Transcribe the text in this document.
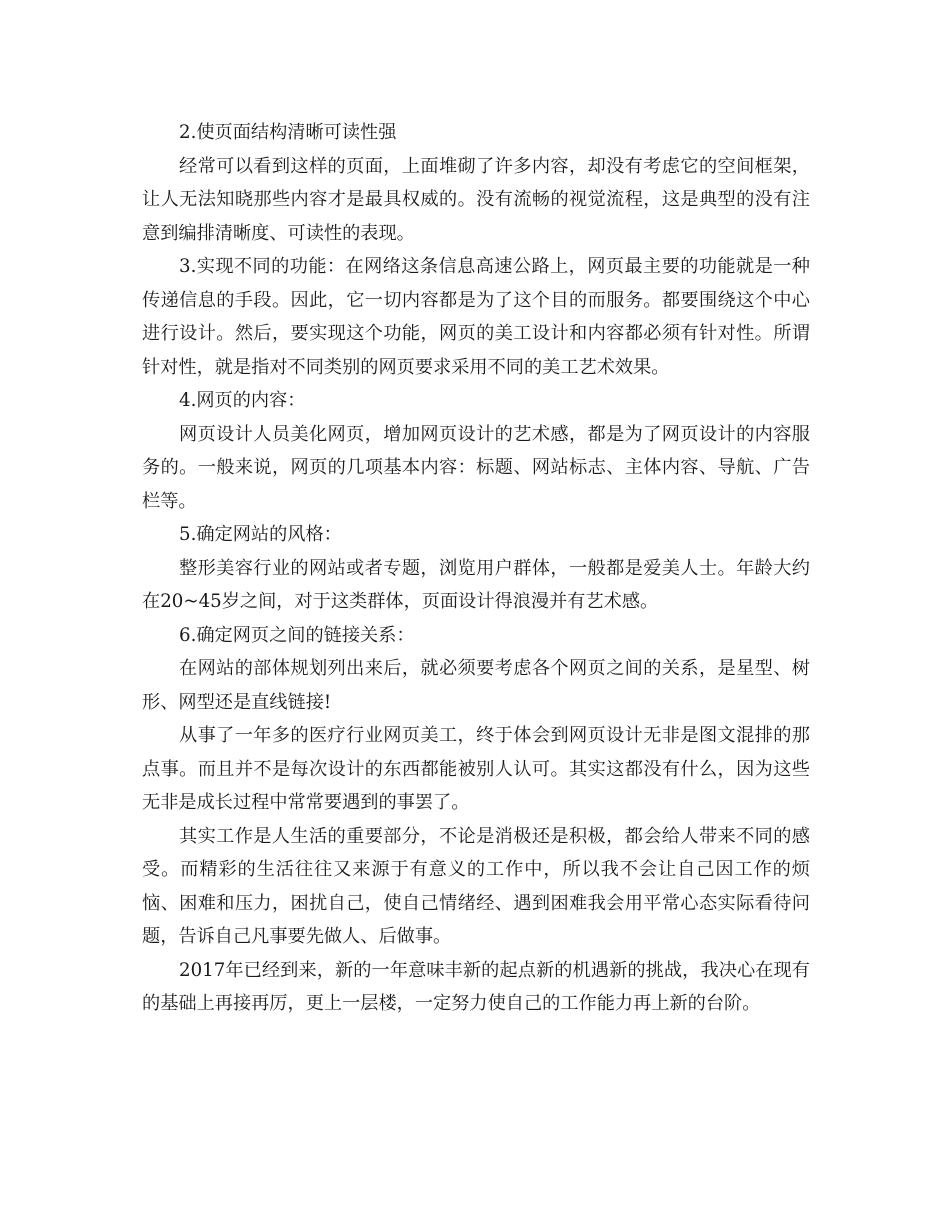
2.使页面结构清晰可读性强

经常可以看到这样的页面，上面堆砌了许多内容，却没有考虑它的空间框架，让人无法知晓那些内容才是最具权威的。没有流畅的视觉流程，这是典型的没有注意到编排清晰度、可读性的表现。

3.实现不同的功能：在网络这条信息高速公路上，网页最主要的功能就是一种传递信息的手段。因此，它一切内容都是为了这个目的而服务。都要围绕这个中心进行设计。然后，要实现这个功能，网页的美工设计和内容都必须有针对性。所谓针对性，就是指对不同类别的网页要求采用不同的美工艺术效果。

4.网页的内容：

网页设计人员美化网页，增加网页设计的艺术感，都是为了网页设计的内容服务的。一般来说，网页的几项基本内容：标题、网站标志、主体内容、导航、广告栏等。

5.确定网站的风格：

整形美容行业的网站或者专题，浏览用户群体，一般都是爱美人士。年龄大约在20~45岁之间，对于这类群体，页面设计得浪漫并有艺术感。

6.确定网页之间的链接关系：

在网站的部体规划列出来后，就必须要考虑各个网页之间的关系，是星型、树形、网型还是直线链接!

从事了一年多的医疗行业网页美工，终于体会到网页设计无非是图文混排的那点事。而且并不是每次设计的东西都能被别人认可。其实这都没有什么，因为这些无非是成长过程中常常要遇到的事罢了。

其实工作是人生活的重要部分，不论是消极还是积极，都会给人带来不同的感受。而精彩的生活往往又来源于有意义的工作中，所以我不会让自己因工作的烦恼、困难和压力，困扰自己，使自己情绪经、遇到困难我会用平常心态实际看待问题，告诉自己凡事要先做人、后做事。

2017年已经到来，新的一年意味丰新的起点新的机遇新的挑战，我决心在现有的基础上再接再厉，更上一层楼，一定努力使自己的工作能力再上新的台阶。
